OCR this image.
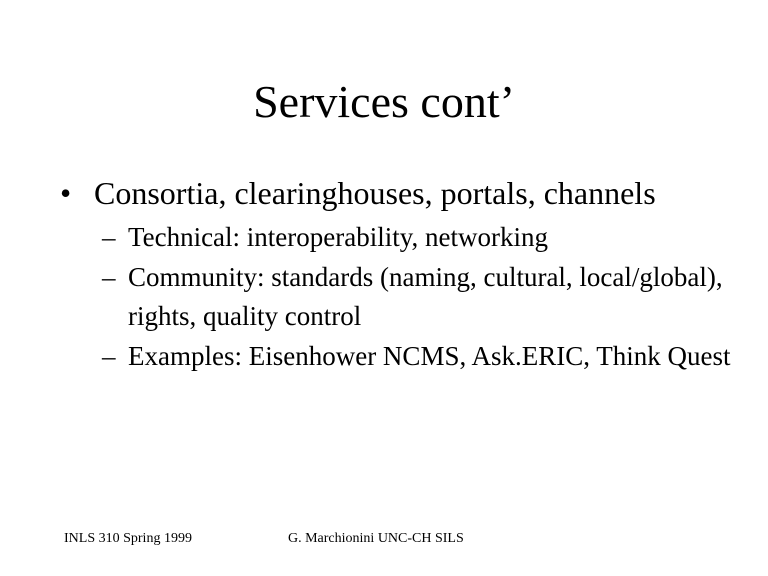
Services cont’
• Consortia, clearinghouses, portals, channels
– Technical: interoperability, networking
– Community: standards (naming, cultural, local/global), rights, quality control
– Examples: Eisenhower NCMS, Ask.ERIC, Think Quest
INLS 310 Spring 1999	G. Marchionini UNC-CH SILS
